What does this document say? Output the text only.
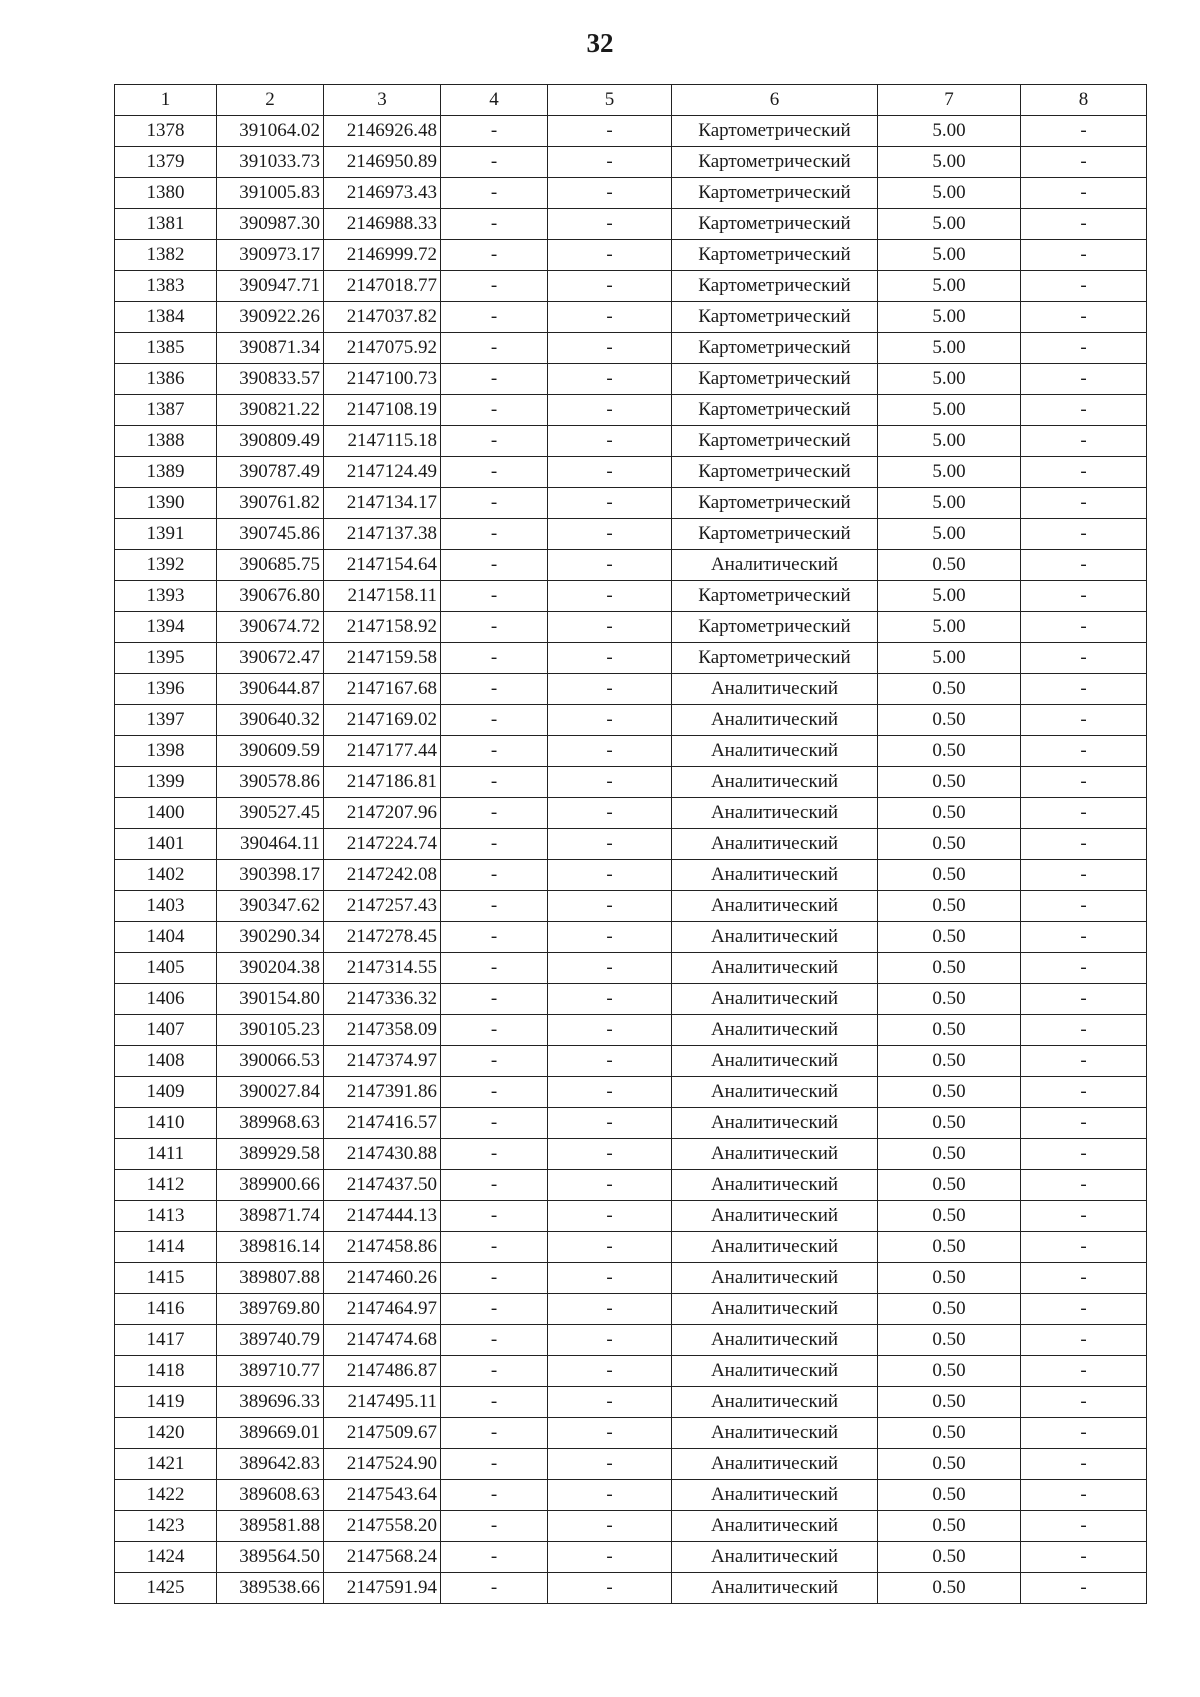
32
1	2	3	4	5	6	7	8
1378	391064.02	2146926.48	-	-	Картометрический	5.00	-
1379	391033.73	2146950.89	-	-	Картометрический	5.00	-
1380	391005.83	2146973.43	-	-	Картометрический	5.00	-
1381	390987.30	2146988.33	-	-	Картометрический	5.00	-
1382	390973.17	2146999.72	-	-	Картометрический	5.00	-
1383	390947.71	2147018.77	-	-	Картометрический	5.00	-
1384	390922.26	2147037.82	-	-	Картометрический	5.00	-
1385	390871.34	2147075.92	-	-	Картометрический	5.00	-
1386	390833.57	2147100.73	-	-	Картометрический	5.00	-
1387	390821.22	2147108.19	-	-	Картометрический	5.00	-
1388	390809.49	2147115.18	-	-	Картометрический	5.00	-
1389	390787.49	2147124.49	-	-	Картометрический	5.00	-
1390	390761.82	2147134.17	-	-	Картометрический	5.00	-
1391	390745.86	2147137.38	-	-	Картометрический	5.00	-
1392	390685.75	2147154.64	-	-	Аналитический	0.50	-
1393	390676.80	2147158.11	-	-	Картометрический	5.00	-
1394	390674.72	2147158.92	-	-	Картометрический	5.00	-
1395	390672.47	2147159.58	-	-	Картометрический	5.00	-
1396	390644.87	2147167.68	-	-	Аналитический	0.50	-
1397	390640.32	2147169.02	-	-	Аналитический	0.50	-
1398	390609.59	2147177.44	-	-	Аналитический	0.50	-
1399	390578.86	2147186.81	-	-	Аналитический	0.50	-
1400	390527.45	2147207.96	-	-	Аналитический	0.50	-
1401	390464.11	2147224.74	-	-	Аналитический	0.50	-
1402	390398.17	2147242.08	-	-	Аналитический	0.50	-
1403	390347.62	2147257.43	-	-	Аналитический	0.50	-
1404	390290.34	2147278.45	-	-	Аналитический	0.50	-
1405	390204.38	2147314.55	-	-	Аналитический	0.50	-
1406	390154.80	2147336.32	-	-	Аналитический	0.50	-
1407	390105.23	2147358.09	-	-	Аналитический	0.50	-
1408	390066.53	2147374.97	-	-	Аналитический	0.50	-
1409	390027.84	2147391.86	-	-	Аналитический	0.50	-
1410	389968.63	2147416.57	-	-	Аналитический	0.50	-
1411	389929.58	2147430.88	-	-	Аналитический	0.50	-
1412	389900.66	2147437.50	-	-	Аналитический	0.50	-
1413	389871.74	2147444.13	-	-	Аналитический	0.50	-
1414	389816.14	2147458.86	-	-	Аналитический	0.50	-
1415	389807.88	2147460.26	-	-	Аналитический	0.50	-
1416	389769.80	2147464.97	-	-	Аналитический	0.50	-
1417	389740.79	2147474.68	-	-	Аналитический	0.50	-
1418	389710.77	2147486.87	-	-	Аналитический	0.50	-
1419	389696.33	2147495.11	-	-	Аналитический	0.50	-
1420	389669.01	2147509.67	-	-	Аналитический	0.50	-
1421	389642.83	2147524.90	-	-	Аналитический	0.50	-
1422	389608.63	2147543.64	-	-	Аналитический	0.50	-
1423	389581.88	2147558.20	-	-	Аналитический	0.50	-
1424	389564.50	2147568.24	-	-	Аналитический	0.50	-
1425	389538.66	2147591.94	-	-	Аналитический	0.50	-
